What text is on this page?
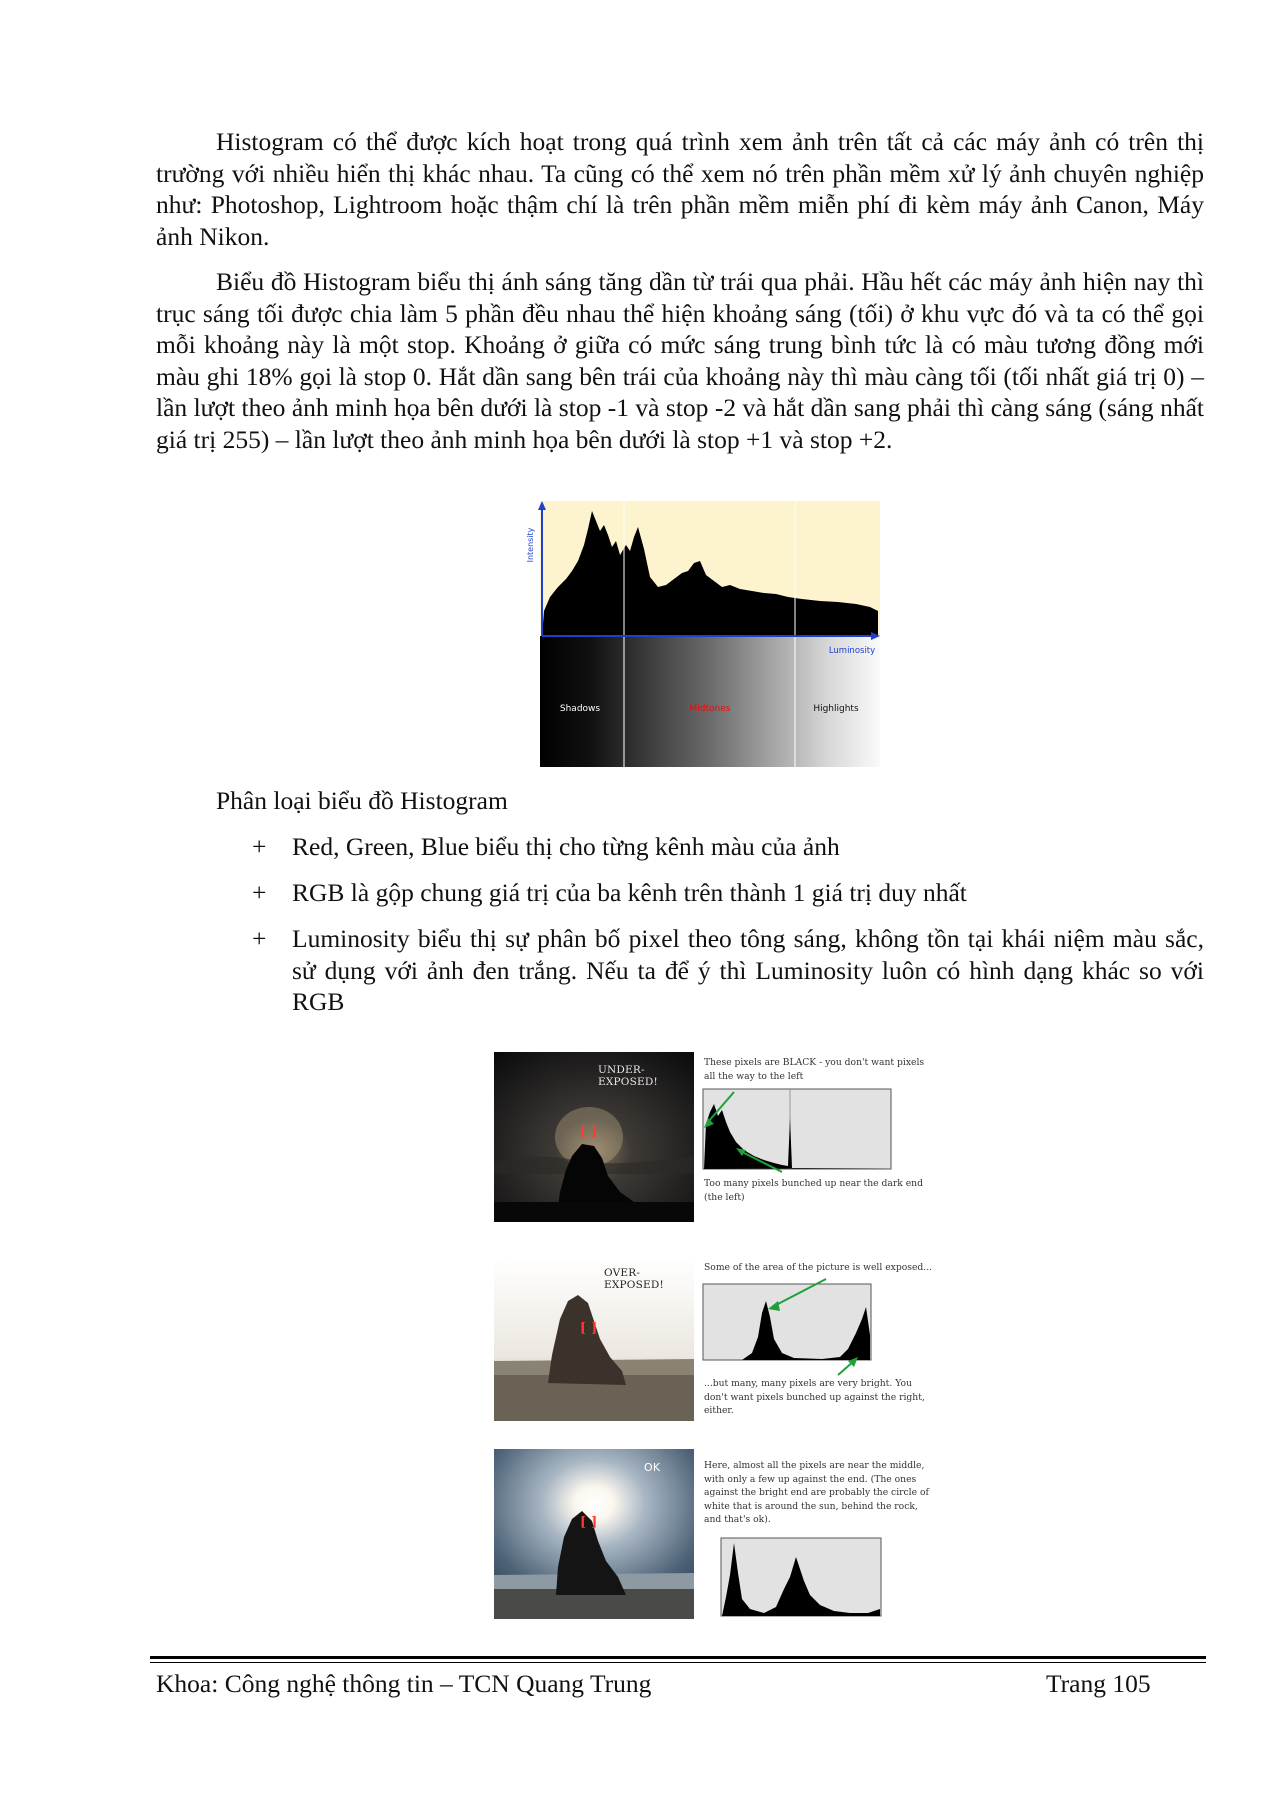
Histogram có thể được kích hoạt trong quá trình xem ảnh trên tất cả các máy ảnh có trên thị trường với nhiều hiển thị khác nhau. Ta cũng có thể xem nó trên phần mềm xử lý ảnh chuyên nghiệp như: Photoshop, Lightroom hoặc thậm chí là trên phần mềm miễn phí đi kèm máy ảnh Canon, Máy ảnh Nikon.

Biểu đồ Histogram biểu thị ánh sáng tăng dần từ trái qua phải. Hầu hết các máy ảnh hiện nay thì trục sáng tối được chia làm 5 phần đều nhau thể hiện khoảng sáng (tối) ở khu vực đó và ta có thể gọi mỗi khoảng này là một stop. Khoảng ở giữa có mức sáng trung bình tức là có màu tương đồng mới màu ghi 18% gọi là stop 0. Hắt dần sang bên trái của khoảng này thì màu càng tối (tối nhất giá trị 0) – lần lượt theo ảnh minh họa bên dưới là stop -1 và stop -2 và hắt dần sang phải thì càng sáng (sáng nhất giá trị 255) – lần lượt theo ảnh minh họa bên dưới là stop +1 và stop +2.

Intensity
Luminosity
Shadows	Midtones	Highlights
Phân loại biểu đồ Histogram
+	Red, Green, Blue biểu thị cho từng kênh màu của ảnh
+	RGB là gộp chung giá trị của ba kênh trên thành 1 giá trị duy nhất
+	Luminosity biểu thị sự phân bố pixel theo tông sáng, không tồn tại khái niệm màu sắc, sử dụng với ảnh đen trắng. Nếu ta để ý thì Luminosity luôn có hình dạng khác so với RGB
UNDER-EXPOSED!
[ ]
These pixels are BLACK - you don't want pixels all the way to the left
Too many pixels bunched up near the dark end (the left)
OVER-EXPOSED!
[ ]
Some of the area of the picture is well exposed...
...but many, many pixels are very bright. You don't want pixels bunched up against the right, either.
OK
[ ]
Here, almost all the pixels are near the middle, with only a few up against the end. (The ones against the bright end are probably the circle of white that is around the sun, behind the rock, and that's ok).
Khoa: Công nghệ thông tin – TCN Quang Trung	Trang 105
